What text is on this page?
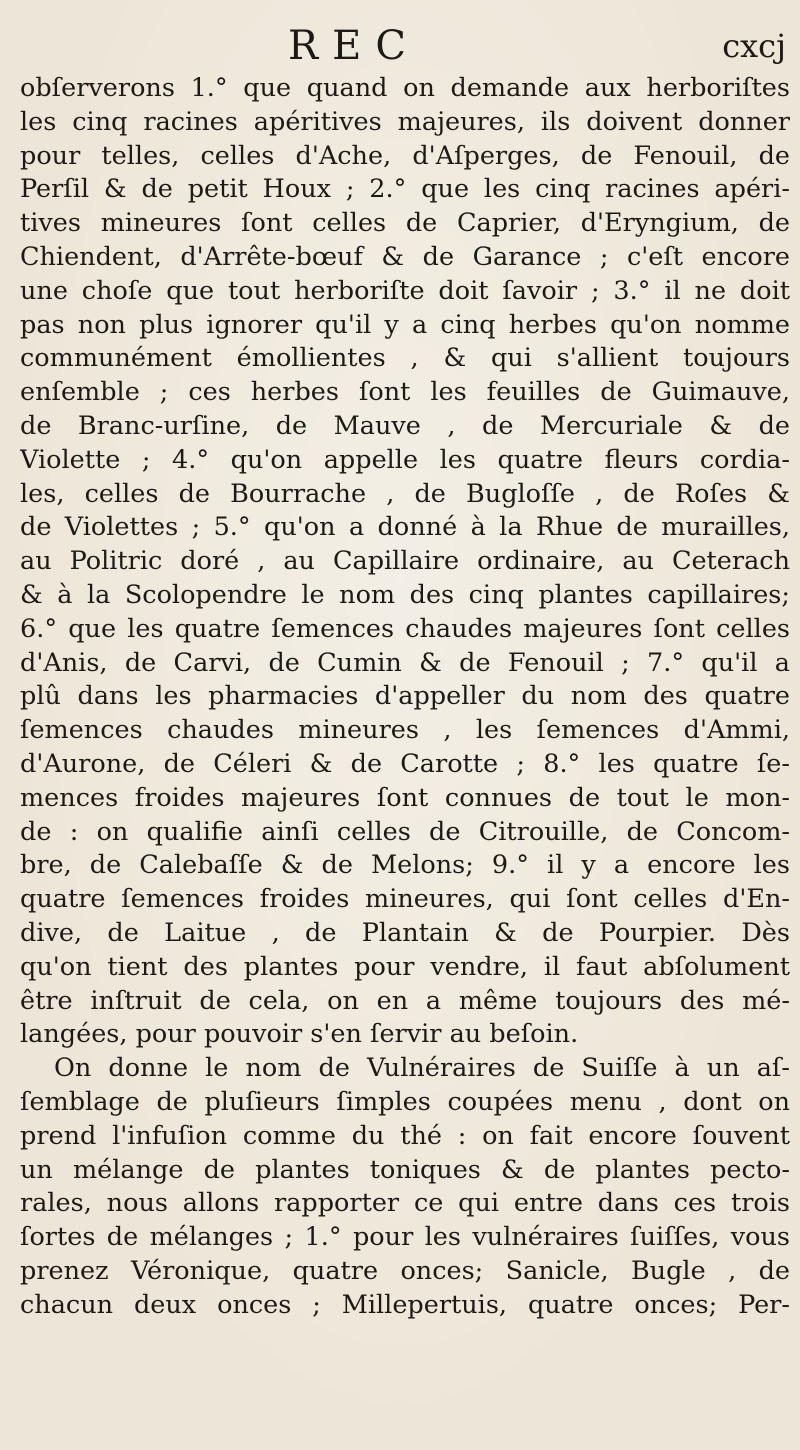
REC	cxcj
obſerverons 1.° que quand on demande aux herboriſtes
les cinq racines apéritives majeures, ils doivent donner
pour telles, celles d'Ache, d'Aſperges, de Fenouil, de
Perſil & de petit Houx ; 2.° que les cinq racines apéri-
tives mineures ſont celles de Caprier, d'Eryngium, de
Chiendent, d'Arrête-bœuf & de Garance ; c'eſt encore
une choſe que tout herboriſte doit ſavoir ; 3.° il ne doit
pas non plus ignorer qu'il y a cinq herbes qu'on nomme
communément émollientes , & qui s'allient toujours
enſemble ; ces herbes ſont les feuilles de Guimauve,
de Branc-urſine, de Mauve , de Mercuriale & de
Violette ; 4.° qu'on appelle les quatre fleurs cordia-
les, celles de Bourrache , de Bugloſſe , de Roſes &
de Violettes ; 5.° qu'on a donné à la Rhue de murailles,
au Politric doré , au Capillaire ordinaire, au Ceterach
& à la Scolopendre le nom des cinq plantes capillaires;
6.° que les quatre ſemences chaudes majeures ſont celles
d'Anis, de Carvi, de Cumin & de Fenouil ; 7.° qu'il a
plû dans les pharmacies d'appeller du nom des quatre
ſemences chaudes mineures , les ſemences d'Ammi,
d'Aurone, de Céleri & de Carotte ; 8.° les quatre ſe-
mences froides majeures ſont connues de tout le mon-
de : on qualifie ainſi celles de Citrouille, de Concom-
bre, de Calebaſſe & de Melons; 9.° il y a encore les
quatre ſemences froides mineures, qui ſont celles d'En-
dive, de Laitue , de Plantain & de Pourpier. Dès
qu'on tient des plantes pour vendre, il faut abſolument
être inſtruit de cela, on en a même toujours des mé-
langées, pour pouvoir s'en ſervir au beſoin.
On donne le nom de Vulnéraires de Suiſſe à un aſ-
ſemblage de pluſieurs ſimples coupées menu , dont on
prend l'infuſion comme du thé : on fait encore ſouvent
un mélange de plantes toniques & de plantes pecto-
rales, nous allons rapporter ce qui entre dans ces trois
ſortes de mélanges ; 1.° pour les vulnéraires ſuiſſes, vous
prenez Véronique, quatre onces; Sanicle, Bugle , de
chacun deux onces ; Millepertuis, quatre onces; Per-
